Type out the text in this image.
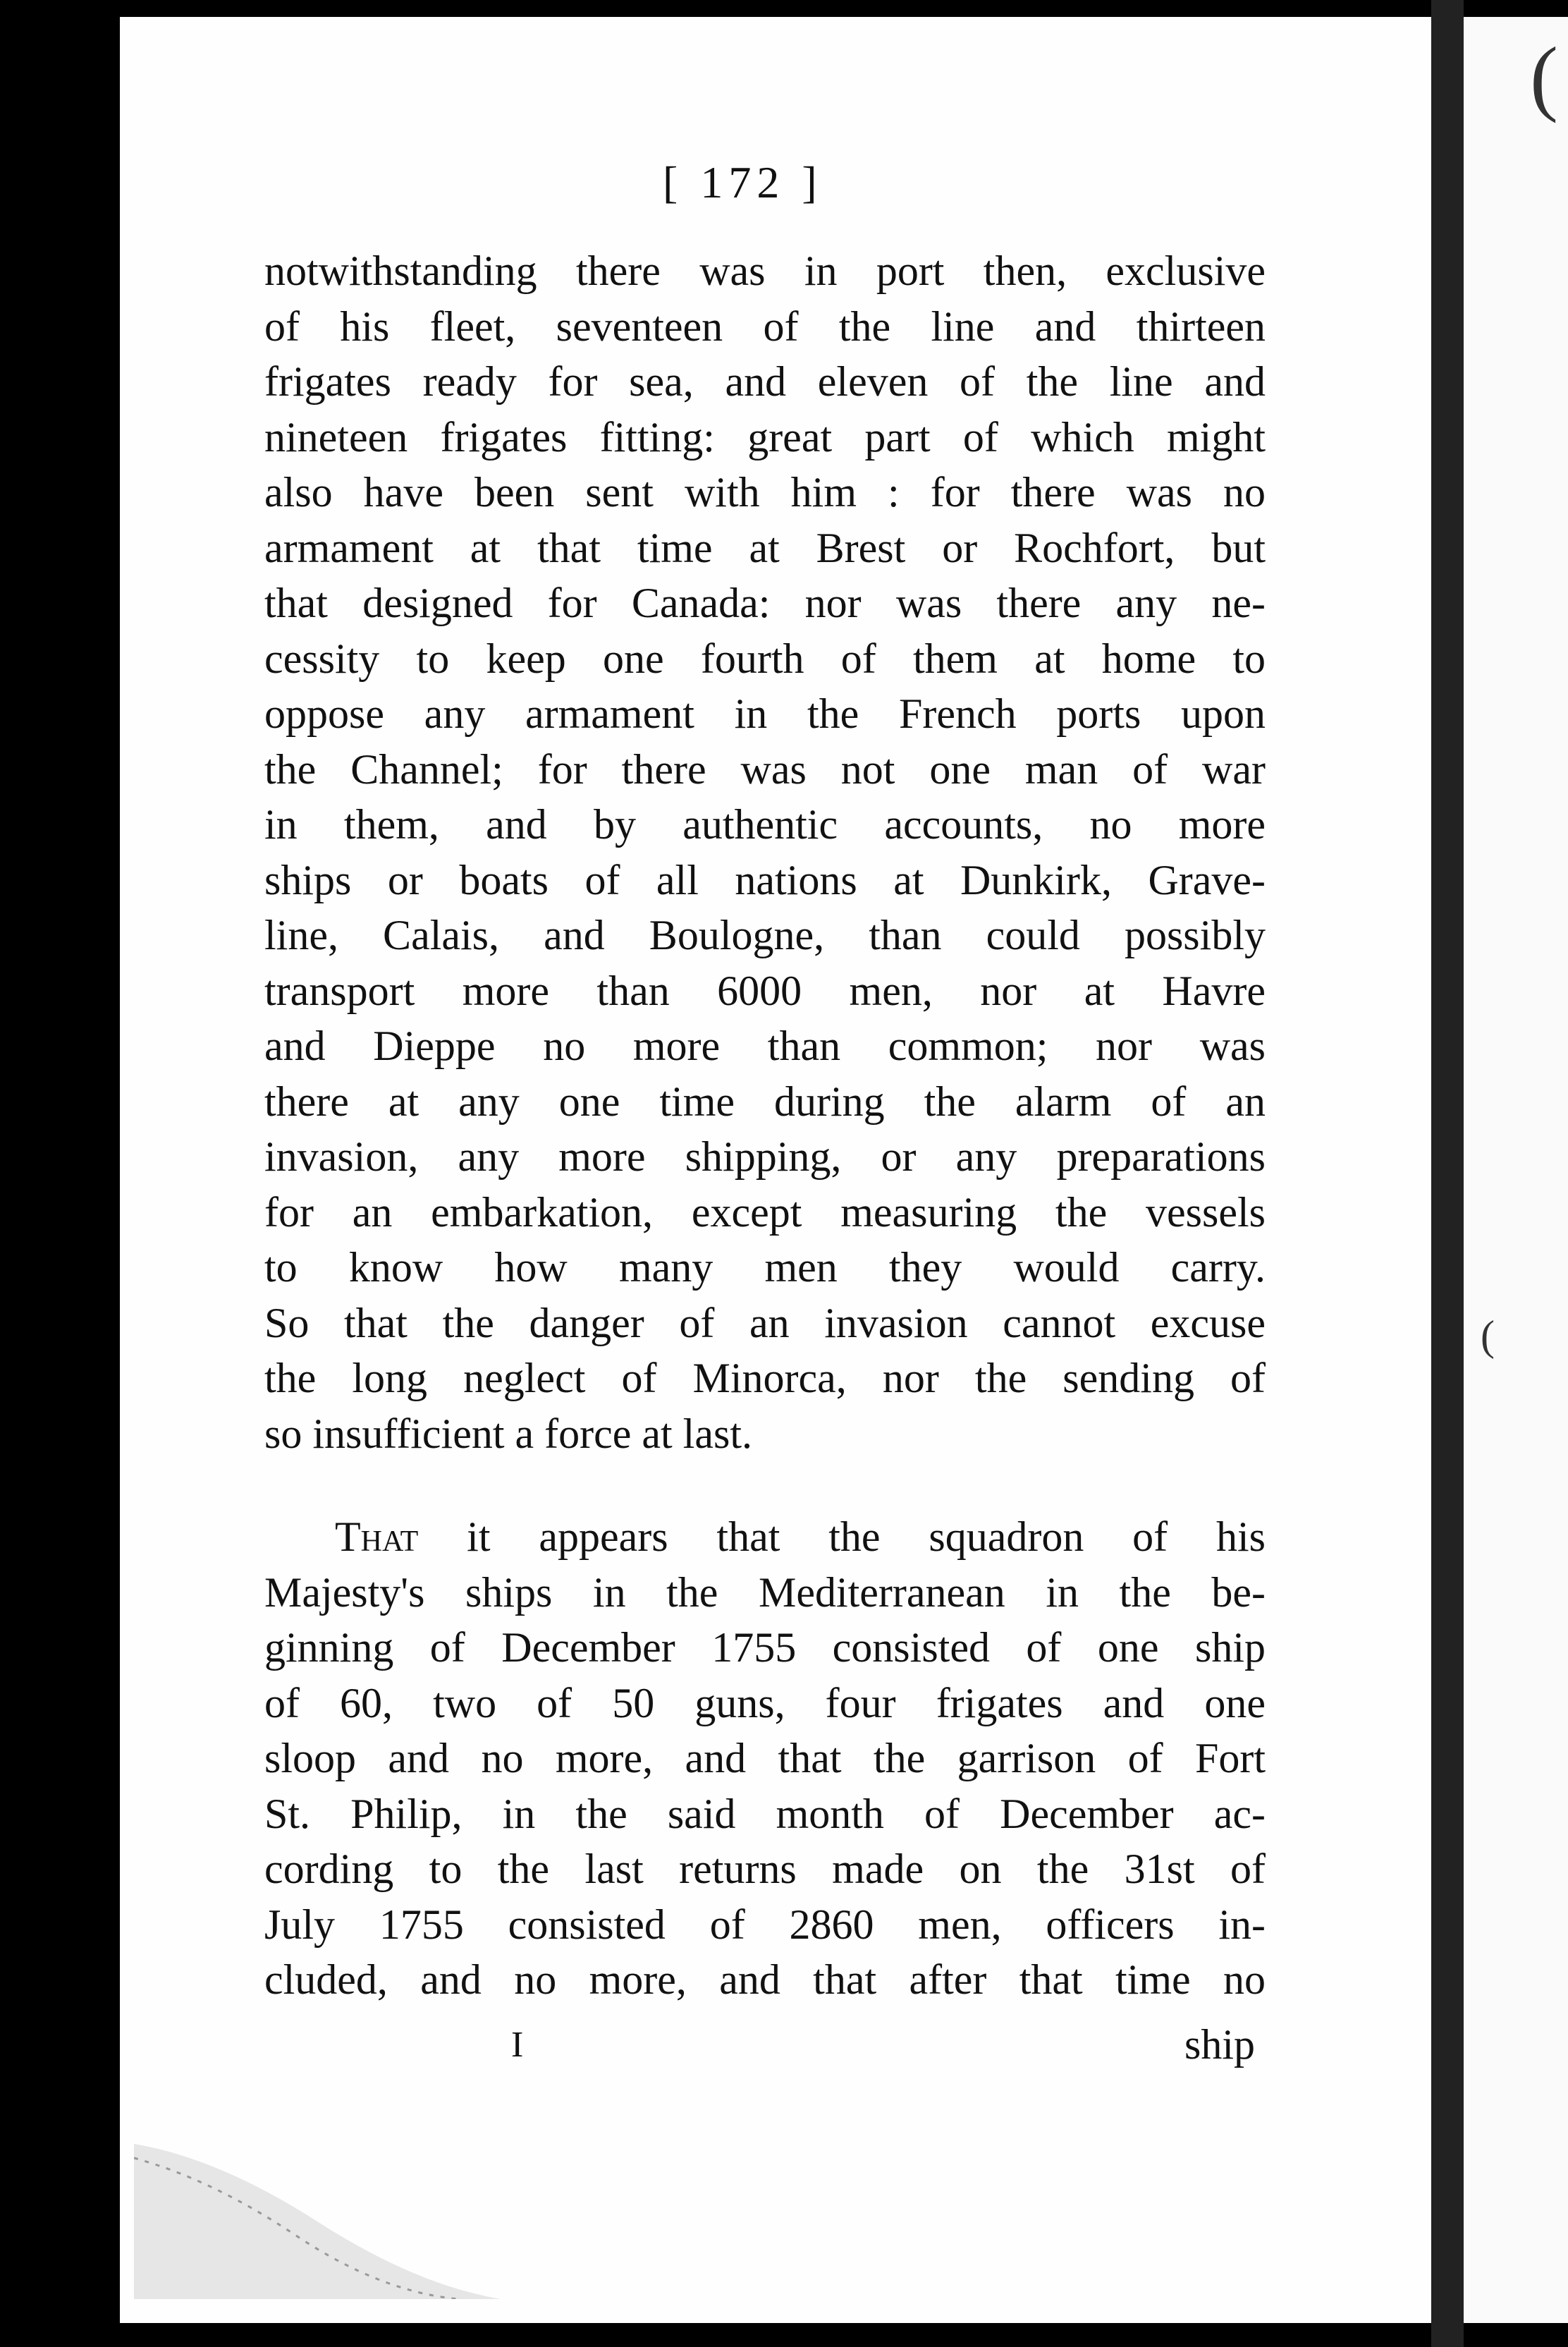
(
(
[ 172 ]
notwithstanding there was in port then, exclusive
of his fleet, seventeen of the line and thirteen
frigates ready for sea, and eleven of the line and
nineteen frigates fitting: great part of which might
also have been sent with him : for there was no
armament at that time at Brest or Rochfort, but
that designed for Canada: nor was there any ne-
cessity to keep one fourth of them at home to
oppose any armament in the French ports upon
the Channel; for there was not one man of war
in them, and by authentic accounts, no more
ships or boats of all nations at Dunkirk, Grave-
line, Calais, and Boulogne, than could possibly
transport more than 6000 men, nor at Havre
and Dieppe no more than common; nor was
there at any one time during the alarm of an
invasion, any more shipping, or any preparations
for an embarkation, except measuring the vessels
to know how many men they would carry.
So that the danger of an invasion cannot excuse
the long neglect of Minorca, nor the sending of
so insufficient a force at last.
That it appears that the squadron of his
Majesty's ships in the Mediterranean in the be-
ginning of December 1755 consisted of one ship
of 60, two of 50 guns, four frigates and one
sloop and no more, and that the garrison of Fort
St. Philip, in the said month of December ac-
cording to the last returns made on the 31st of
July 1755 consisted of 2860 men, officers in-
cluded, and no more, and that after that time no
I	ship
